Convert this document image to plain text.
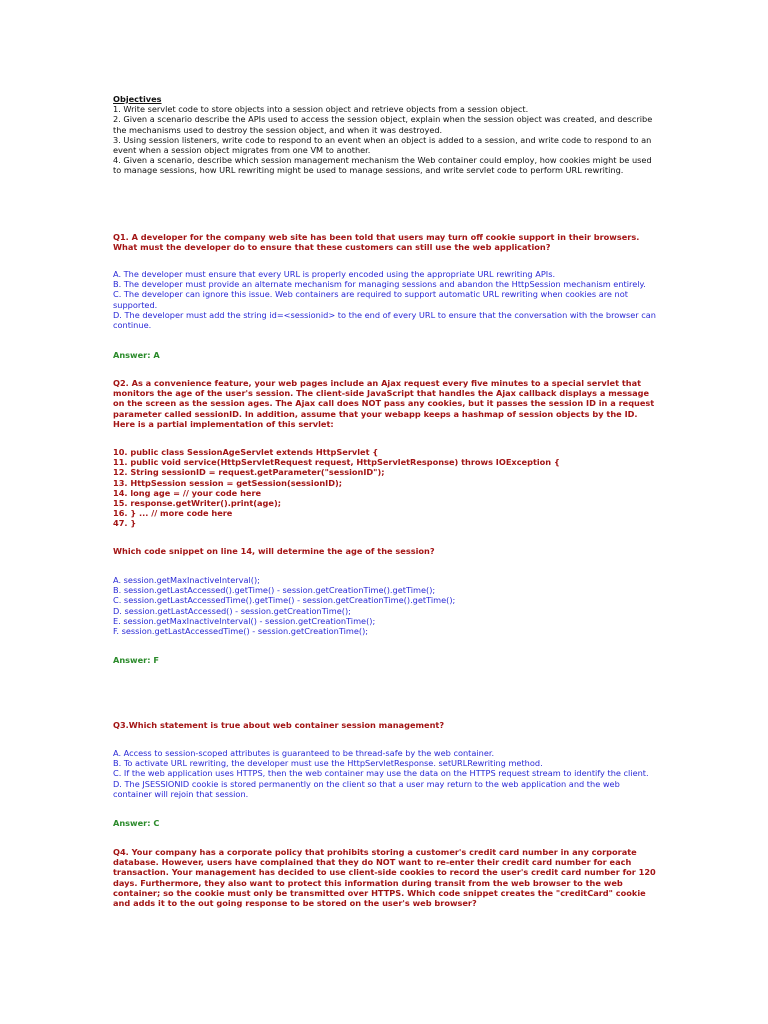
Objectives
1. Write servlet code to store objects into a session object and retrieve objects from a session object.
2. Given a scenario describe the APIs used to access the session object, explain when the session object was created, and describe the mechanisms used to destroy the session object, and when it was destroyed.
3. Using session listeners, write code to respond to an event when an object is added to a session, and write code to respond to an event when a session object migrates from one VM to another.
4. Given a scenario, describe which session management mechanism the Web container could employ, how cookies might be used to manage sessions, how URL rewriting might be used to manage sessions, and write servlet code to perform URL rewriting.
Q1. A developer for the company web site has been told that users may turn off cookie support in their browsers. What must the developer do to ensure that these customers can still use the web application?
A. The developer must ensure that every URL is properly encoded using the appropriate URL rewriting APIs.
B. The developer must provide an alternate mechanism for managing sessions and abandon the HttpSession mechanism entirely.
C. The developer can ignore this issue. Web containers are required to support automatic URL rewriting when cookies are not supported.
D. The developer must add the string id=<sessionid> to the end of every URL to ensure that the conversation with the browser can continue.
Answer: A
Q2. As a convenience feature, your web pages include an Ajax request every five minutes to a special servlet that monitors the age of the user's session. The client-side JavaScript that handles the Ajax callback displays a message on the screen as the session ages. The Ajax call does NOT pass any cookies, but it passes the session ID in a request parameter called sessionID. In addition, assume that your webapp keeps a hashmap of session objects by the ID. Here is a partial implementation of this servlet:
10. public class SessionAgeServlet extends HttpServlet {
11. public void service(HttpServletRequest request, HttpServletResponse) throws IOException {
12. String sessionID = request.getParameter("sessionID");
13. HttpSession session = getSession(sessionID);
14. long age = // your code here
15. response.getWriter().print(age);
16. } ... // more code here
47. }
Which code snippet on line 14, will determine the age of the session?
A. session.getMaxInactiveInterval();
B. session.getLastAccessed().getTime() - session.getCreationTime().getTime();
C. session.getLastAccessedTime().getTime() - session.getCreationTime().getTime();
D. session.getLastAccessed() - session.getCreationTime();
E. session.getMaxInactiveInterval() - session.getCreationTime();
F. session.getLastAccessedTime() - session.getCreationTime();
Answer: F
Q3.Which statement is true about web container session management?
A. Access to session-scoped attributes is guaranteed to be thread-safe by the web container.
B. To activate URL rewriting, the developer must use the HttpServletResponse. setURLRewriting method.
C. If the web application uses HTTPS, then the web container may use the data on the HTTPS request stream to identify the client.
D. The JSESSIONID cookie is stored permanently on the client so that a user may return to the web application and the web container will rejoin that session.
Answer: C
Q4. Your company has a corporate policy that prohibits storing a customer's credit card number in any corporate database. However, users have complained that they do NOT want to re-enter their credit card number for each transaction. Your management has decided to use client-side cookies to record the user's credit card number for 120 days. Furthermore, they also want to protect this information during transit from the web browser to the web container; so the cookie must only be transmitted over HTTPS. Which code snippet creates the "creditCard" cookie and adds it to the out going response to be stored on the user's web browser?
